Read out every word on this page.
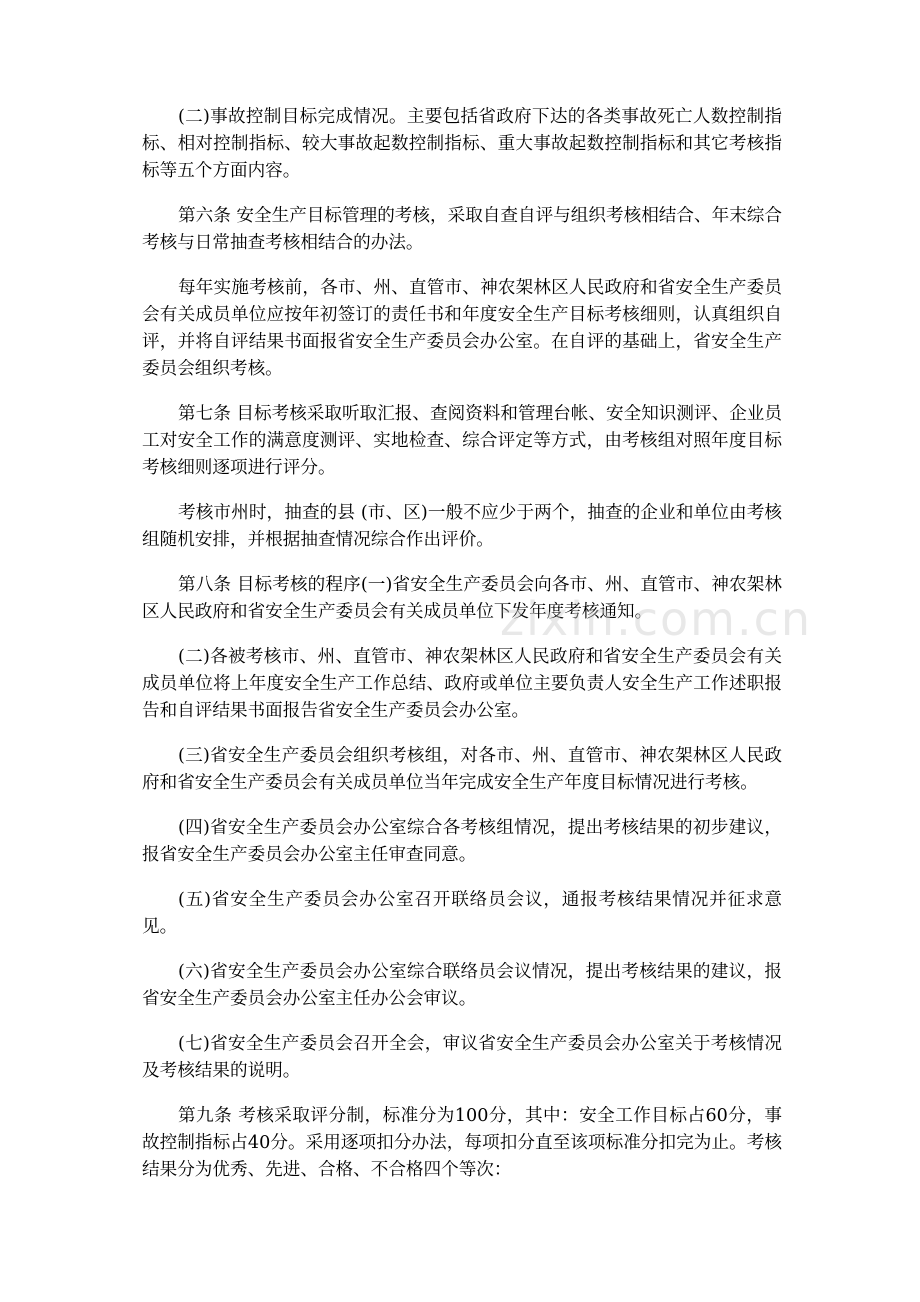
(二)事故控制目标完成情况。主要包括省政府下达的各类事故死亡人数控制指标、相对控制指标、较大事故起数控制指标、重大事故起数控制指标和其它考核指标等五个方面内容。

第六条 安全生产目标管理的考核，采取自查自评与组织考核相结合、年末综合考核与日常抽查考核相结合的办法。

每年实施考核前，各市、州、直管市、神农架林区人民政府和省安全生产委员会有关成员单位应按年初签订的责任书和年度安全生产目标考核细则，认真组织自评，并将自评结果书面报省安全生产委员会办公室。在自评的基础上，省安全生产委员会组织考核。

第七条 目标考核采取听取汇报、查阅资料和管理台帐、安全知识测评、企业员工对安全工作的满意度测评、实地检查、综合评定等方式，由考核组对照年度目标考核细则逐项进行评分。

考核市州时，抽查的县 (市、区)一般不应少于两个，抽查的企业和单位由考核组随机安排，并根据抽查情况综合作出评价。

第八条 目标考核的程序(一)省安全生产委员会向各市、州、直管市、神农架林区人民政府和省安全生产委员会有关成员单位下发年度考核通知。

(二)各被考核市、州、直管市、神农架林区人民政府和省安全生产委员会有关成员单位将上年度安全生产工作总结、政府或单位主要负责人安全生产工作述职报告和自评结果书面报告省安全生产委员会办公室。

(三)省安全生产委员会组织考核组，对各市、州、直管市、神农架林区人民政府和省安全生产委员会有关成员单位当年完成安全生产年度目标情况进行考核。

(四)省安全生产委员会办公室综合各考核组情况，提出考核结果的初步建议，报省安全生产委员会办公室主任审查同意。

(五)省安全生产委员会办公室召开联络员会议，通报考核结果情况并征求意见。

(六)省安全生产委员会办公室综合联络员会议情况，提出考核结果的建议，报省安全生产委员会办公室主任办公会审议。

(七)省安全生产委员会召开全会，审议省安全生产委员会办公室关于考核情况及考核结果的说明。

第九条 考核采取评分制，标准分为100分，其中：安全工作目标占60分，事故控制指标占40分。采用逐项扣分办法，每项扣分直至该项标准分扣完为止。考核结果分为优秀、先进、合格、不合格四个等次：

zixin.com.cn
